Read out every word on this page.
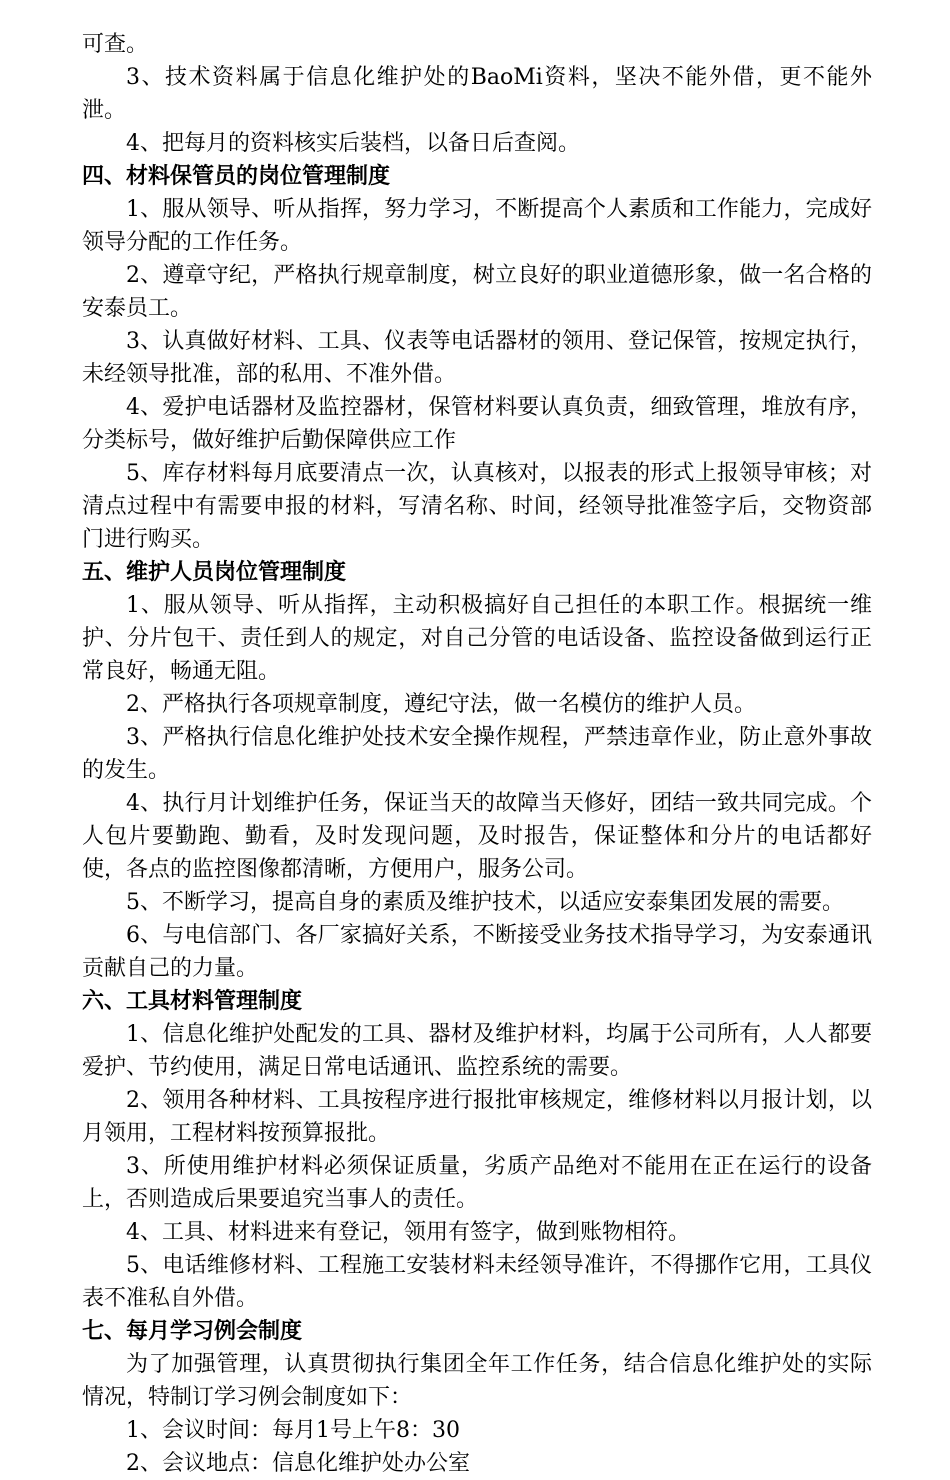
可查。

3、技术资料属于信息化维护处的BaoMi资料，坚决不能外借，更不能外泄。

4、把每月的资料核实后装档，以备日后查阅。

四、材料保管员的岗位管理制度

1、服从领导、听从指挥，努力学习，不断提高个人素质和工作能力，完成好领导分配的工作任务。

2、遵章守纪，严格执行规章制度，树立良好的职业道德形象，做一名合格的安泰员工。

3、认真做好材料、工具、仪表等电话器材的领用、登记保管，按规定执行，未经领导批准，部的私用、不准外借。

4、爱护电话器材及监控器材，保管材料要认真负责，细致管理，堆放有序，分类标号，做好维护后勤保障供应工作

5、库存材料每月底要清点一次，认真核对，以报表的形式上报领导审核；对清点过程中有需要申报的材料，写清名称、时间，经领导批准签字后，交物资部门进行购买。

五、维护人员岗位管理制度

1、服从领导、听从指挥，主动积极搞好自己担任的本职工作。根据统一维护、分片包干、责任到人的规定，对自己分管的电话设备、监控设备做到运行正常良好，畅通无阻。

2、严格执行各项规章制度，遵纪守法，做一名模仿的维护人员。

3、严格执行信息化维护处技术安全操作规程，严禁违章作业，防止意外事故的发生。

4、执行月计划维护任务，保证当天的故障当天修好，团结一致共同完成。个人包片要勤跑、勤看，及时发现问题，及时报告，保证整体和分片的电话都好使，各点的监控图像都清晰，方便用户，服务公司。

5、不断学习，提高自身的素质及维护技术，以适应安泰集团发展的需要。

6、与电信部门、各厂家搞好关系，不断接受业务技术指导学习，为安泰通讯贡献自己的力量。

六、工具材料管理制度

1、信息化维护处配发的工具、器材及维护材料，均属于公司所有，人人都要爱护、节约使用，满足日常电话通讯、监控系统的需要。

2、领用各种材料、工具按程序进行报批审核规定，维修材料以月报计划，以月领用，工程材料按预算报批。

3、所使用维护材料必须保证质量，劣质产品绝对不能用在正在运行的设备上，否则造成后果要追究当事人的责任。

4、工具、材料进来有登记，领用有签字，做到账物相符。

5、电话维修材料、工程施工安装材料未经领导准许，不得挪作它用，工具仪表不准私自外借。

七、每月学习例会制度

为了加强管理，认真贯彻执行集团全年工作任务，结合信息化维护处的实际情况，特制订学习例会制度如下：

1、会议时间：每月1号上午8：30

2、会议地点：信息化维护处办公室
